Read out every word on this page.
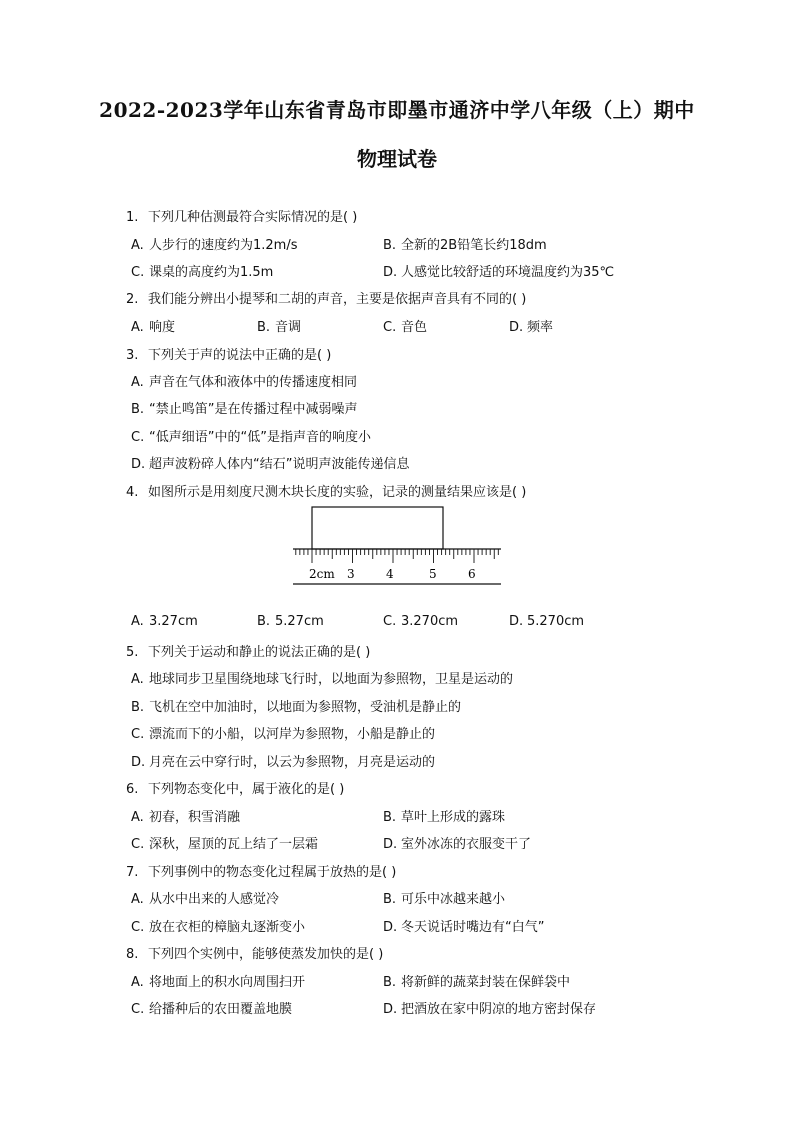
2022-2023学年山东省青岛市即墨市通济中学八年级（上）期中
物理试卷
1. 下列几种估测最符合实际情况的是( )
A. 人步行的速度约为1.2m/s	B. 全新的2B铅笔长约18dm
C. 课桌的高度约为1.5m	D. 人感觉比较舒适的环境温度约为35℃
2. 我们能分辨出小提琴和二胡的声音，主要是依据声音具有不同的( )
A. 响度	B. 音调	C. 音色	D. 频率
3. 下列关于声的说法中正确的是( )
A. 声音在气体和液体中的传播速度相同
B. “禁止鸣笛”是在传播过程中减弱噪声
C. “低声细语”中的“低”是指声音的响度小
D. 超声波粉碎人体内“结石”说明声波能传递信息
4. 如图所示是用刻度尺测木块长度的实验，记录的测量结果应该是( )
2cm 3	4	5	6
A. 3.27cm	B. 5.27cm	C. 3.270cm	D. 5.270cm
5. 下列关于运动和静止的说法正确的是( )
A. 地球同步卫星围绕地球飞行时，以地面为参照物，卫星是运动的
B. 飞机在空中加油时，以地面为参照物，受油机是静止的
C. 漂流而下的小船，以河岸为参照物，小船是静止的
D. 月亮在云中穿行时，以云为参照物，月亮是运动的
6. 下列物态变化中，属于液化的是( )
A. 初春，积雪消融	B. 草叶上形成的露珠
C. 深秋，屋顶的瓦上结了一层霜	D. 室外冰冻的衣服变干了
7. 下列事例中的物态变化过程属于放热的是( )
A. 从水中出来的人感觉冷	B. 可乐中冰越来越小
C. 放在衣柜的樟脑丸逐渐变小	D. 冬天说话时嘴边有“白气”
8. 下列四个实例中，能够使蒸发加快的是( )
A. 将地面上的积水向周围扫开	B. 将新鲜的蔬菜封装在保鲜袋中
C. 给播种后的农田覆盖地膜	D. 把酒放在家中阴凉的地方密封保存
